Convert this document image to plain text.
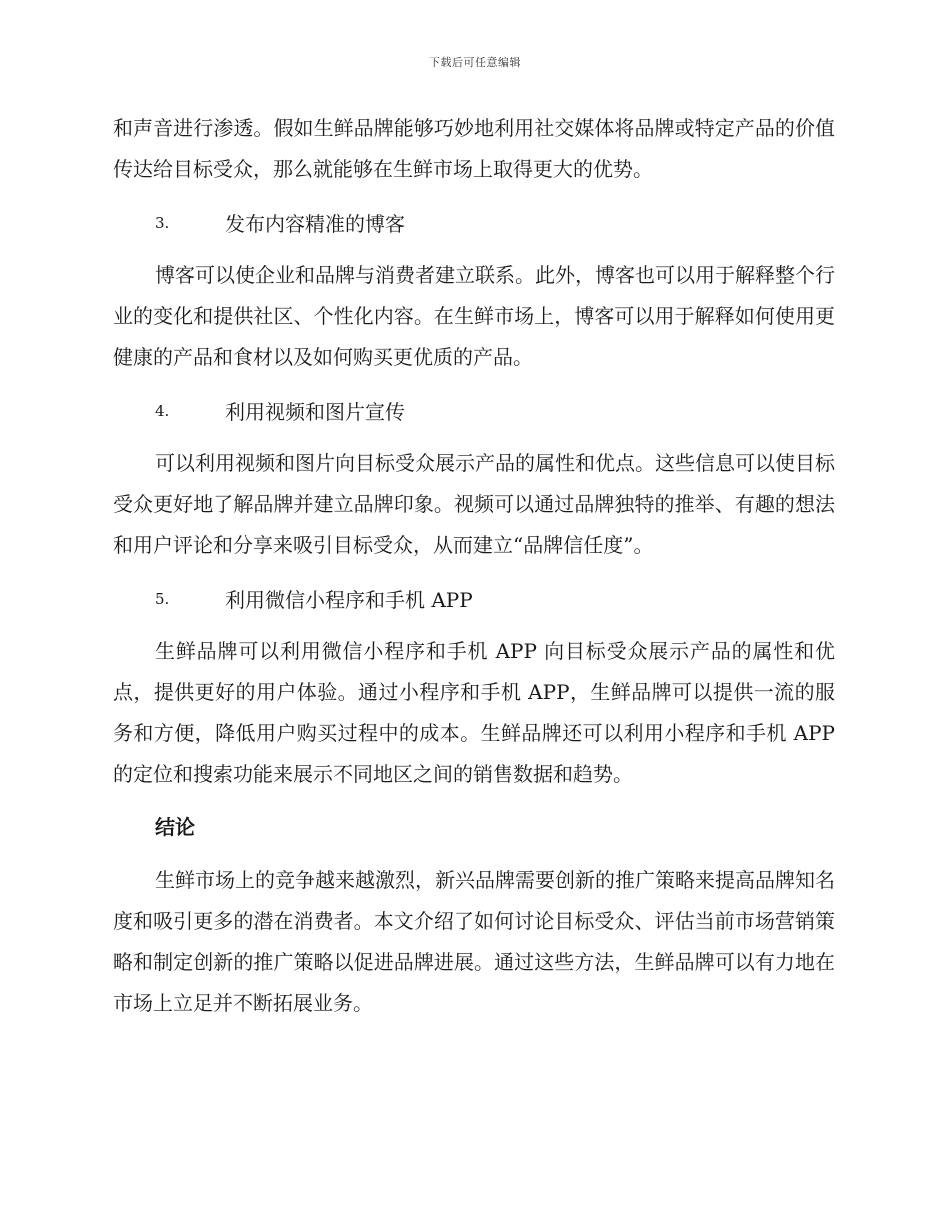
下载后可任意编辑

和声音进行渗透。假如生鲜品牌能够巧妙地利用社交媒体将品牌或特定产品的价值传达给目标受众，那么就能够在生鲜市场上取得更大的优势。

3.	发布内容精准的博客

博客可以使企业和品牌与消费者建立联系。此外，博客也可以用于解释整个行业的变化和提供社区、个性化内容。在生鲜市场上，博客可以用于解释如何使用更健康的产品和食材以及如何购买更优质的产品。

4.	利用视频和图片宣传

可以利用视频和图片向目标受众展示产品的属性和优点。这些信息可以使目标受众更好地了解品牌并建立品牌印象。视频可以通过品牌独特的推举、有趣的想法和用户评论和分享来吸引目标受众，从而建立“品牌信任度”。

5.	利用微信小程序和手机 APP

生鲜品牌可以利用微信小程序和手机 APP 向目标受众展示产品的属性和优点，提供更好的用户体验。通过小程序和手机 APP，生鲜品牌可以提供一流的服务和方便，降低用户购买过程中的成本。生鲜品牌还可以利用小程序和手机 APP 的定位和搜索功能来展示不同地区之间的销售数据和趋势。

结论

生鲜市场上的竞争越来越激烈，新兴品牌需要创新的推广策略来提高品牌知名度和吸引更多的潜在消费者。本文介绍了如何讨论目标受众、评估当前市场营销策略和制定创新的推广策略以促进品牌进展。通过这些方法，生鲜品牌可以有力地在市场上立足并不断拓展业务。
